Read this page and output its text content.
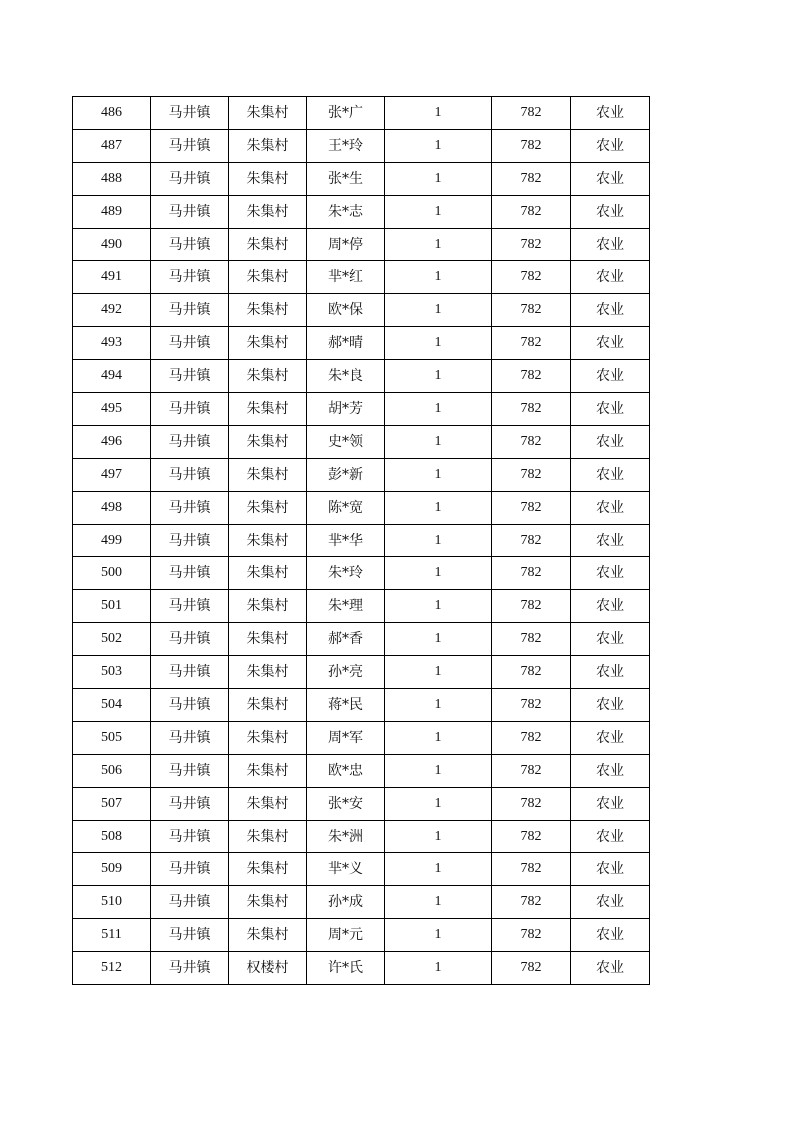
486	马井镇	朱集村	张*广	1	782	农业
487	马井镇	朱集村	王*玲	1	782	农业
488	马井镇	朱集村	张*生	1	782	农业
489	马井镇	朱集村	朱*志	1	782	农业
490	马井镇	朱集村	周*停	1	782	农业
491	马井镇	朱集村	芈*红	1	782	农业
492	马井镇	朱集村	欧*保	1	782	农业
493	马井镇	朱集村	郝*晴	1	782	农业
494	马井镇	朱集村	朱*良	1	782	农业
495	马井镇	朱集村	胡*芳	1	782	农业
496	马井镇	朱集村	史*领	1	782	农业
497	马井镇	朱集村	彭*新	1	782	农业
498	马井镇	朱集村	陈*宽	1	782	农业
499	马井镇	朱集村	芈*华	1	782	农业
500	马井镇	朱集村	朱*玲	1	782	农业
501	马井镇	朱集村	朱*理	1	782	农业
502	马井镇	朱集村	郝*香	1	782	农业
503	马井镇	朱集村	孙*亮	1	782	农业
504	马井镇	朱集村	蒋*民	1	782	农业
505	马井镇	朱集村	周*军	1	782	农业
506	马井镇	朱集村	欧*忠	1	782	农业
507	马井镇	朱集村	张*安	1	782	农业
508	马井镇	朱集村	朱*洲	1	782	农业
509	马井镇	朱集村	芈*义	1	782	农业
510	马井镇	朱集村	孙*成	1	782	农业
511	马井镇	朱集村	周*元	1	782	农业
512	马井镇	权楼村	许*氏	1	782	农业
